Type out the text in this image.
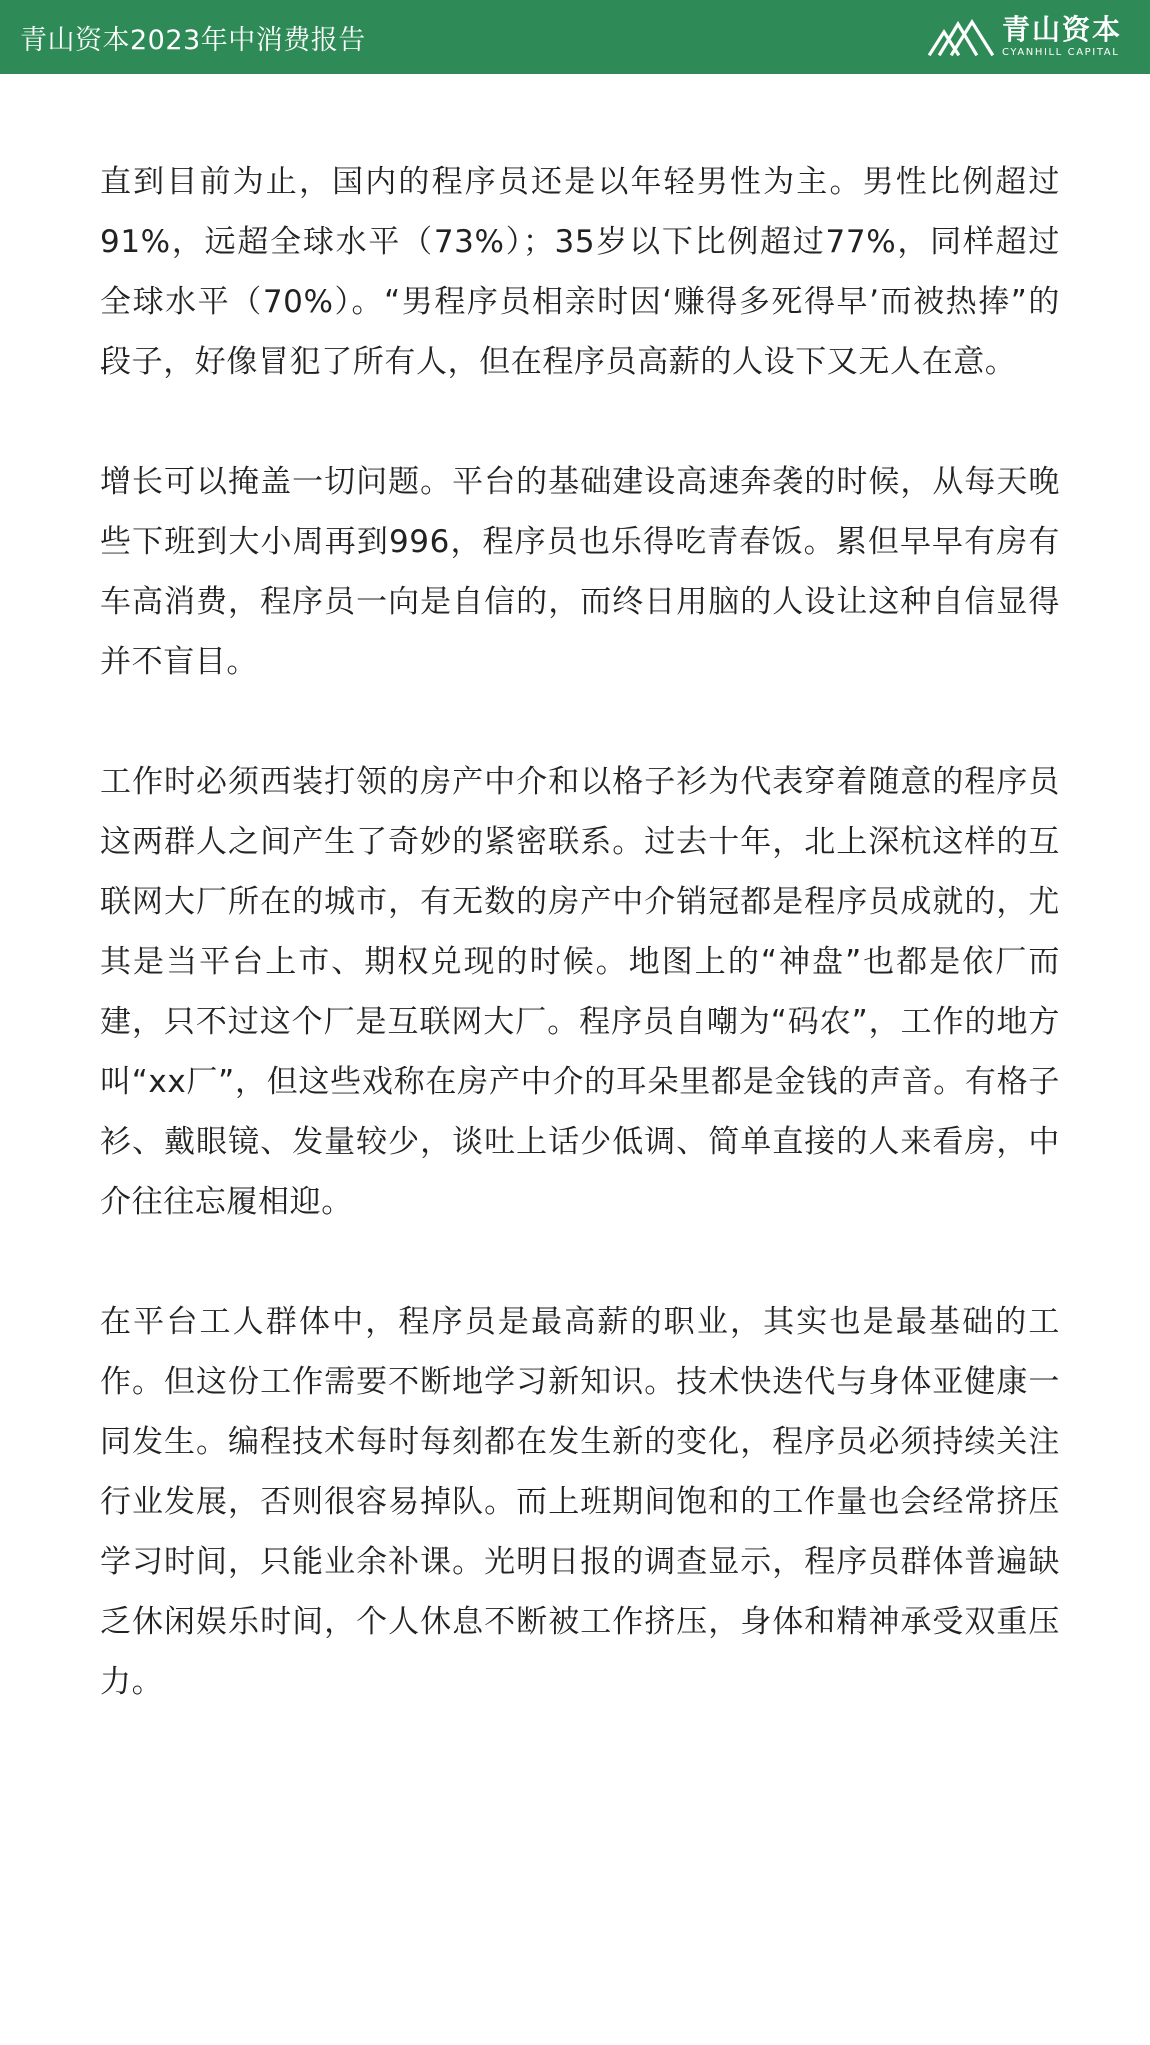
青山资本2023年中消费报告	青山资本
CYANHILL CAPITAL

直到目前为止，国内的程序员还是以年轻男性为主。男性比例超过91%，远超全球水平（73%）；35岁以下比例超过77%，同样超过全球水平（70%）。“男程序员相亲时因‘赚得多死得早’而被热捧”的段子，好像冒犯了所有人，但在程序员高薪的人设下又无人在意。

增长可以掩盖一切问题。平台的基础建设高速奔袭的时候，从每天晚些下班到大小周再到996，程序员也乐得吃青春饭。累但早早有房有车高消费，程序员一向是自信的，而终日用脑的人设让这种自信显得并不盲目。

工作时必须西装打领的房产中介和以格子衫为代表穿着随意的程序员这两群人之间产生了奇妙的紧密联系。过去十年，北上深杭这样的互联网大厂所在的城市，有无数的房产中介销冠都是程序员成就的，尤其是当平台上市、期权兑现的时候。地图上的“神盘”也都是依厂而建，只不过这个厂是互联网大厂。程序员自嘲为“码农”，工作的地方叫“xx厂”，但这些戏称在房产中介的耳朵里都是金钱的声音。有格子衫、戴眼镜、发量较少，谈吐上话少低调、简单直接的人来看房，中介往往忘履相迎。

在平台工人群体中，程序员是最高薪的职业，其实也是最基础的工作。但这份工作需要不断地学习新知识。技术快迭代与身体亚健康一同发生。编程技术每时每刻都在发生新的变化，程序员必须持续关注行业发展，否则很容易掉队。而上班期间饱和的工作量也会经常挤压学习时间，只能业余补课。光明日报的调查显示，程序员群体普遍缺乏休闲娱乐时间，个人休息不断被工作挤压，身体和精神承受双重压力。
